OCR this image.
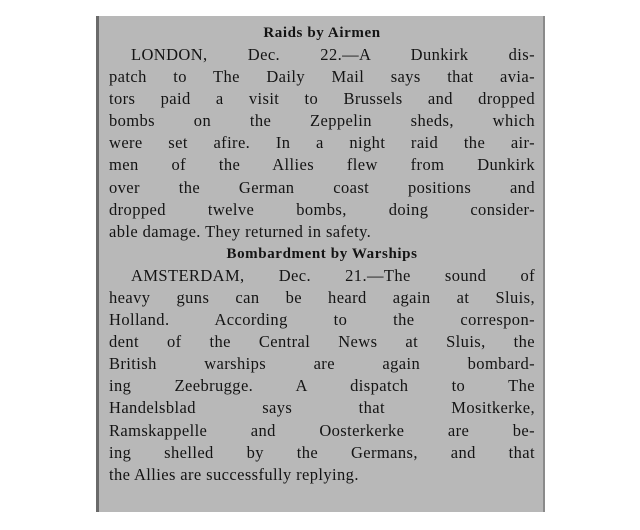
Raids by Airmen
LONDON, Dec. 22.—A Dunkirk dis-
patch to The Daily Mail says that avia-
tors paid a visit to Brussels and dropped
bombs on the Zeppelin sheds, which
were set afire. In a night raid the air-
men of the Allies flew from Dunkirk
over the German coast positions and
dropped twelve bombs, doing consider-
able damage. They returned in safety.
Bombardment by Warships
AMSTERDAM, Dec. 21.—The sound of
heavy guns can be heard again at Sluis,
Holland. According to the correspon-
dent of the Central News at Sluis, the
British warships are again bombard-
ing Zeebrugge. A dispatch to The
Handelsblad says that Mositkerke,
Ramskappelle and Oosterkerke are be-
ing shelled by the Germans, and that
the Allies are successfully replying.
